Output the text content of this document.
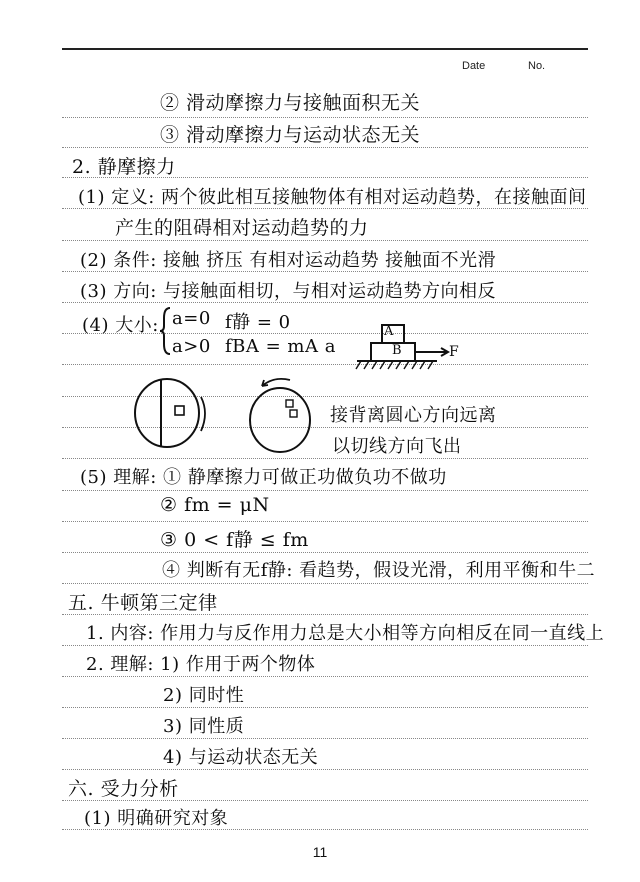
Date	No.
② 滑动摩擦力与接触面积无关
③ 滑动摩擦力与运动状态无关
2. 静摩擦力
(1) 定义: 两个彼此相互接触物体有相对运动趋势，在接触面间
产生的阻碍相对运动趋势的力
(2) 条件: 接触 挤压 有相对运动趋势 接触面不光滑
(3) 方向: 与接触面相切，与相对运动趋势方向相反
(4) 大小: a=0 f静 = 0
a>0 fBA = mA a
A
B	F
接背离圆心方向远离
以切线方向飞出
(5) 理解: ① 静摩擦力可做正功做负功不做功
② fm = μN
③ 0 < f静 ≤ fm
④ 判断有无f静: 看趋势，假设光滑，利用平衡和牛二
五. 牛顿第三定律
1. 内容: 作用力与反作用力总是大小相等方向相反在同一直线上
2. 理解: 1) 作用于两个物体
2) 同时性
3) 同性质
4) 与运动状态无关
六. 受力分析
(1) 明确研究对象
11
